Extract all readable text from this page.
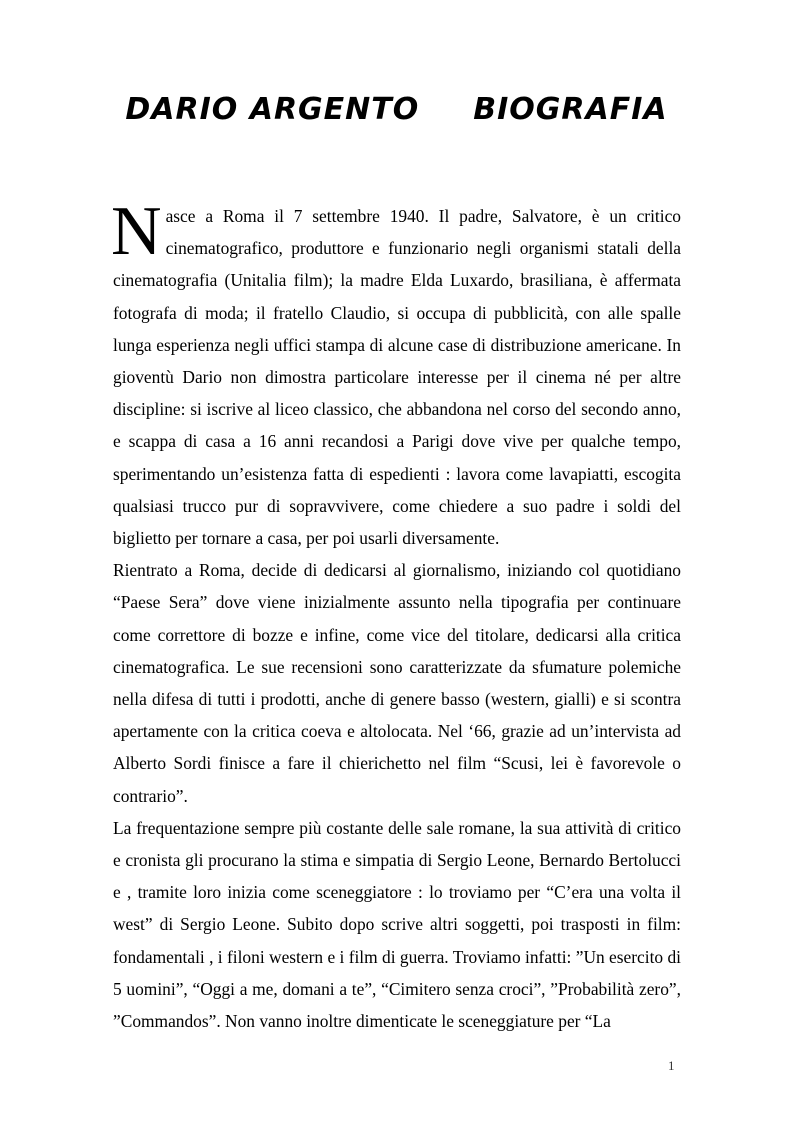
DARIO ARGENTO BIOGRAFIA

Nasce a Roma il 7 settembre 1940. Il padre, Salvatore, è un critico cinematografico, produttore e funzionario negli organismi statali della cinematografia (Unitalia film); la madre Elda Luxardo, brasiliana, è affermata fotografa di moda; il fratello Claudio, si occupa di pubblicità, con alle spalle lunga esperienza negli uffici stampa di alcune case di distribuzione americane. In gioventù Dario non dimostra particolare interesse per il cinema né per altre discipline: si iscrive al liceo classico, che abbandona nel corso del secondo anno, e scappa di casa a 16 anni recandosi a Parigi dove vive per qualche tempo, sperimentando un’esistenza fatta di espedienti : lavora come lavapiatti, escogita qualsiasi trucco pur di sopravvivere, come chiedere a suo padre i soldi del biglietto per tornare a casa, per poi usarli diversamente.

Rientrato a Roma, decide di dedicarsi al giornalismo, iniziando col quotidiano “Paese Sera” dove viene inizialmente assunto nella tipografia per continuare come correttore di bozze e infine, come vice del titolare, dedicarsi alla critica cinematografica. Le sue recensioni sono caratterizzate da sfumature polemiche nella difesa di tutti i prodotti, anche di genere basso (western, gialli) e si scontra apertamente con la critica coeva e altolocata. Nel ‘66, grazie ad un’intervista ad Alberto Sordi finisce a fare il chierichetto nel film “Scusi, lei è favorevole o contrario”.

La frequentazione sempre più costante delle sale romane, la sua attività di critico e cronista gli procurano la stima e simpatia di Sergio Leone, Bernardo Bertolucci e , tramite loro inizia come sceneggiatore : lo troviamo per “C’era una volta il west” di Sergio Leone. Subito dopo scrive altri soggetti, poi trasposti in film: fondamentali , i filoni western e i film di guerra. Troviamo infatti: ”Un esercito di 5 uomini”, “Oggi a me, domani a te”, “Cimitero senza croci”, ”Probabilità zero”, ”Commandos”. Non vanno inoltre dimenticate le sceneggiature per “La

1
